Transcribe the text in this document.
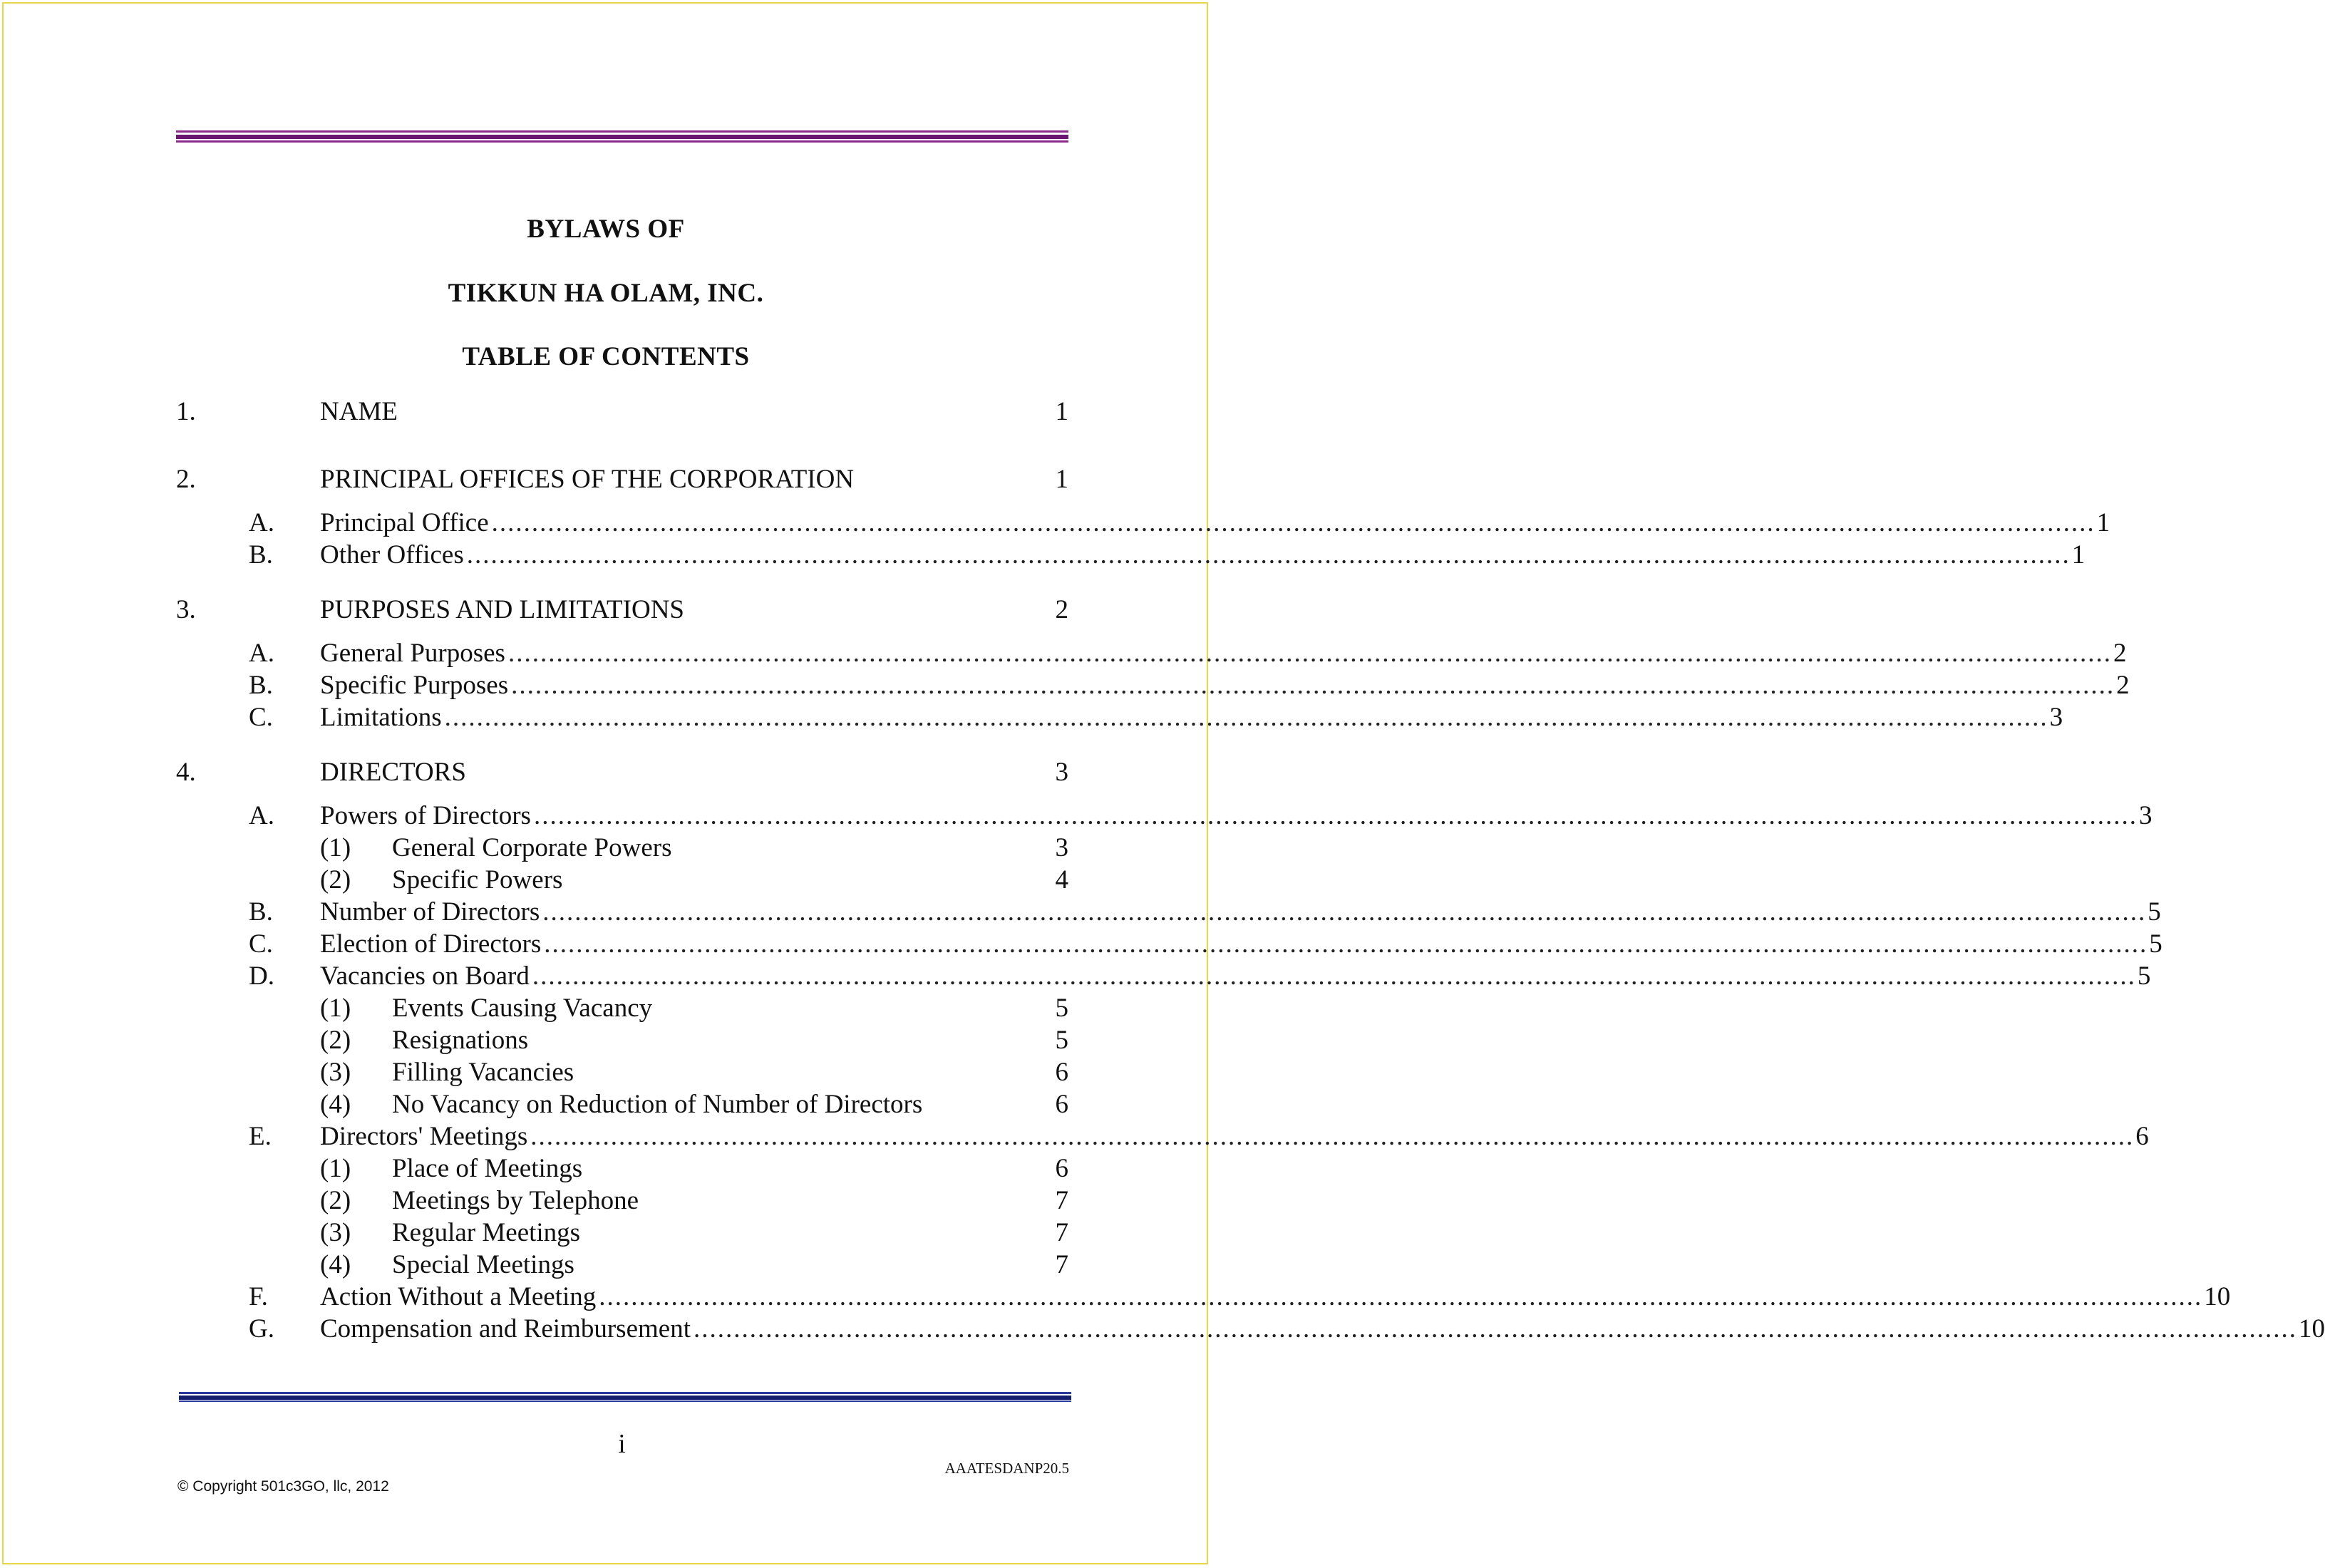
BYLAWS OF
TIKKUN HA OLAM, INC.
TABLE OF CONTENTS
1.	NAME	1
2.	PRINCIPAL OFFICES OF THE CORPORATION	1
A. Principal Office ........................................................................................................................................................................................................ 1
B. Other Offices ........................................................................................................................................................................................................ 1
3.	PURPOSES AND LIMITATIONS	2
A. General Purposes ........................................................................................................................................................................................................ 2
B. Specific Purposes ........................................................................................................................................................................................................ 2
C. Limitations ........................................................................................................................................................................................................ 3
4.	DIRECTORS	3
A. Powers of Directors ........................................................................................................................................................................................................ 3
(1) General Corporate Powers	3
(2) Specific Powers	4
B. Number of Directors ........................................................................................................................................................................................................ 5
C. Election of Directors ........................................................................................................................................................................................................ 5
D. Vacancies on Board ........................................................................................................................................................................................................ 5
(1) Events Causing Vacancy	5
(2) Resignations	5
(3) Filling Vacancies	6
(4) No Vacancy on Reduction of Number of Directors	6
E. Directors' Meetings ........................................................................................................................................................................................................ 6
(1) Place of Meetings	6
(2) Meetings by Telephone	7
(3) Regular Meetings	7
(4) Special Meetings	7
F. Action Without a Meeting ........................................................................................................................................................................................................ 10
G. Compensation and Reimbursement ........................................................................................................................................................................................................ 10
i
AAATESDANP20.5
© Copyright 501c3GO, llc, 2012
